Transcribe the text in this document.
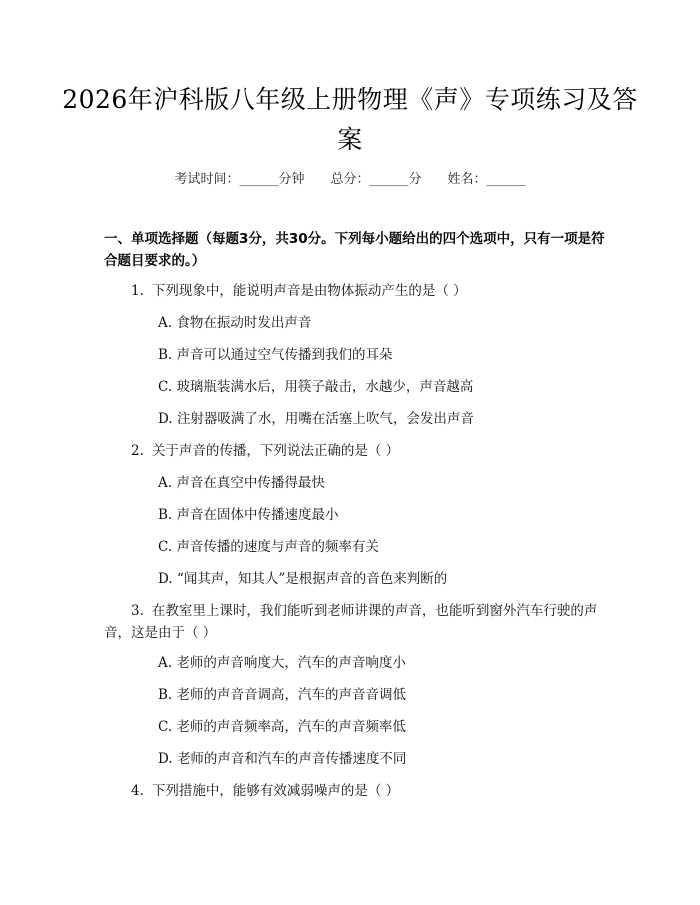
2026年沪科版八年级上册物理《声》专项练习及答案
考试时间：______分钟 总分：______分 姓名：______
一、单项选择题（每题3分，共30分。下列每小题给出的四个选项中，只有一项是符合题目要求的。）
1. 下列现象中，能说明声音是由物体振动产生的是（ ）
A. 食物在振动时发出声音
B. 声音可以通过空气传播到我们的耳朵
C. 玻璃瓶装满水后，用筷子敲击，水越少，声音越高
D. 注射器吸满了水，用嘴在活塞上吹气，会发出声音
2. 关于声音的传播，下列说法正确的是（ ）
A. 声音在真空中传播得最快
B. 声音在固体中传播速度最小
C. 声音传播的速度与声音的频率有关
D. “闻其声，知其人”是根据声音的音色来判断的
3. 在教室里上课时，我们能听到老师讲课的声音，也能听到窗外汽车行驶的声音，这是由于（ ）
A. 老师的声音响度大，汽车的声音响度小
B. 老师的声音音调高，汽车的声音音调低
C. 老师的声音频率高，汽车的声音频率低
D. 老师的声音和汽车的声音传播速度不同
4. 下列措施中，能够有效减弱噪声的是（ ）
